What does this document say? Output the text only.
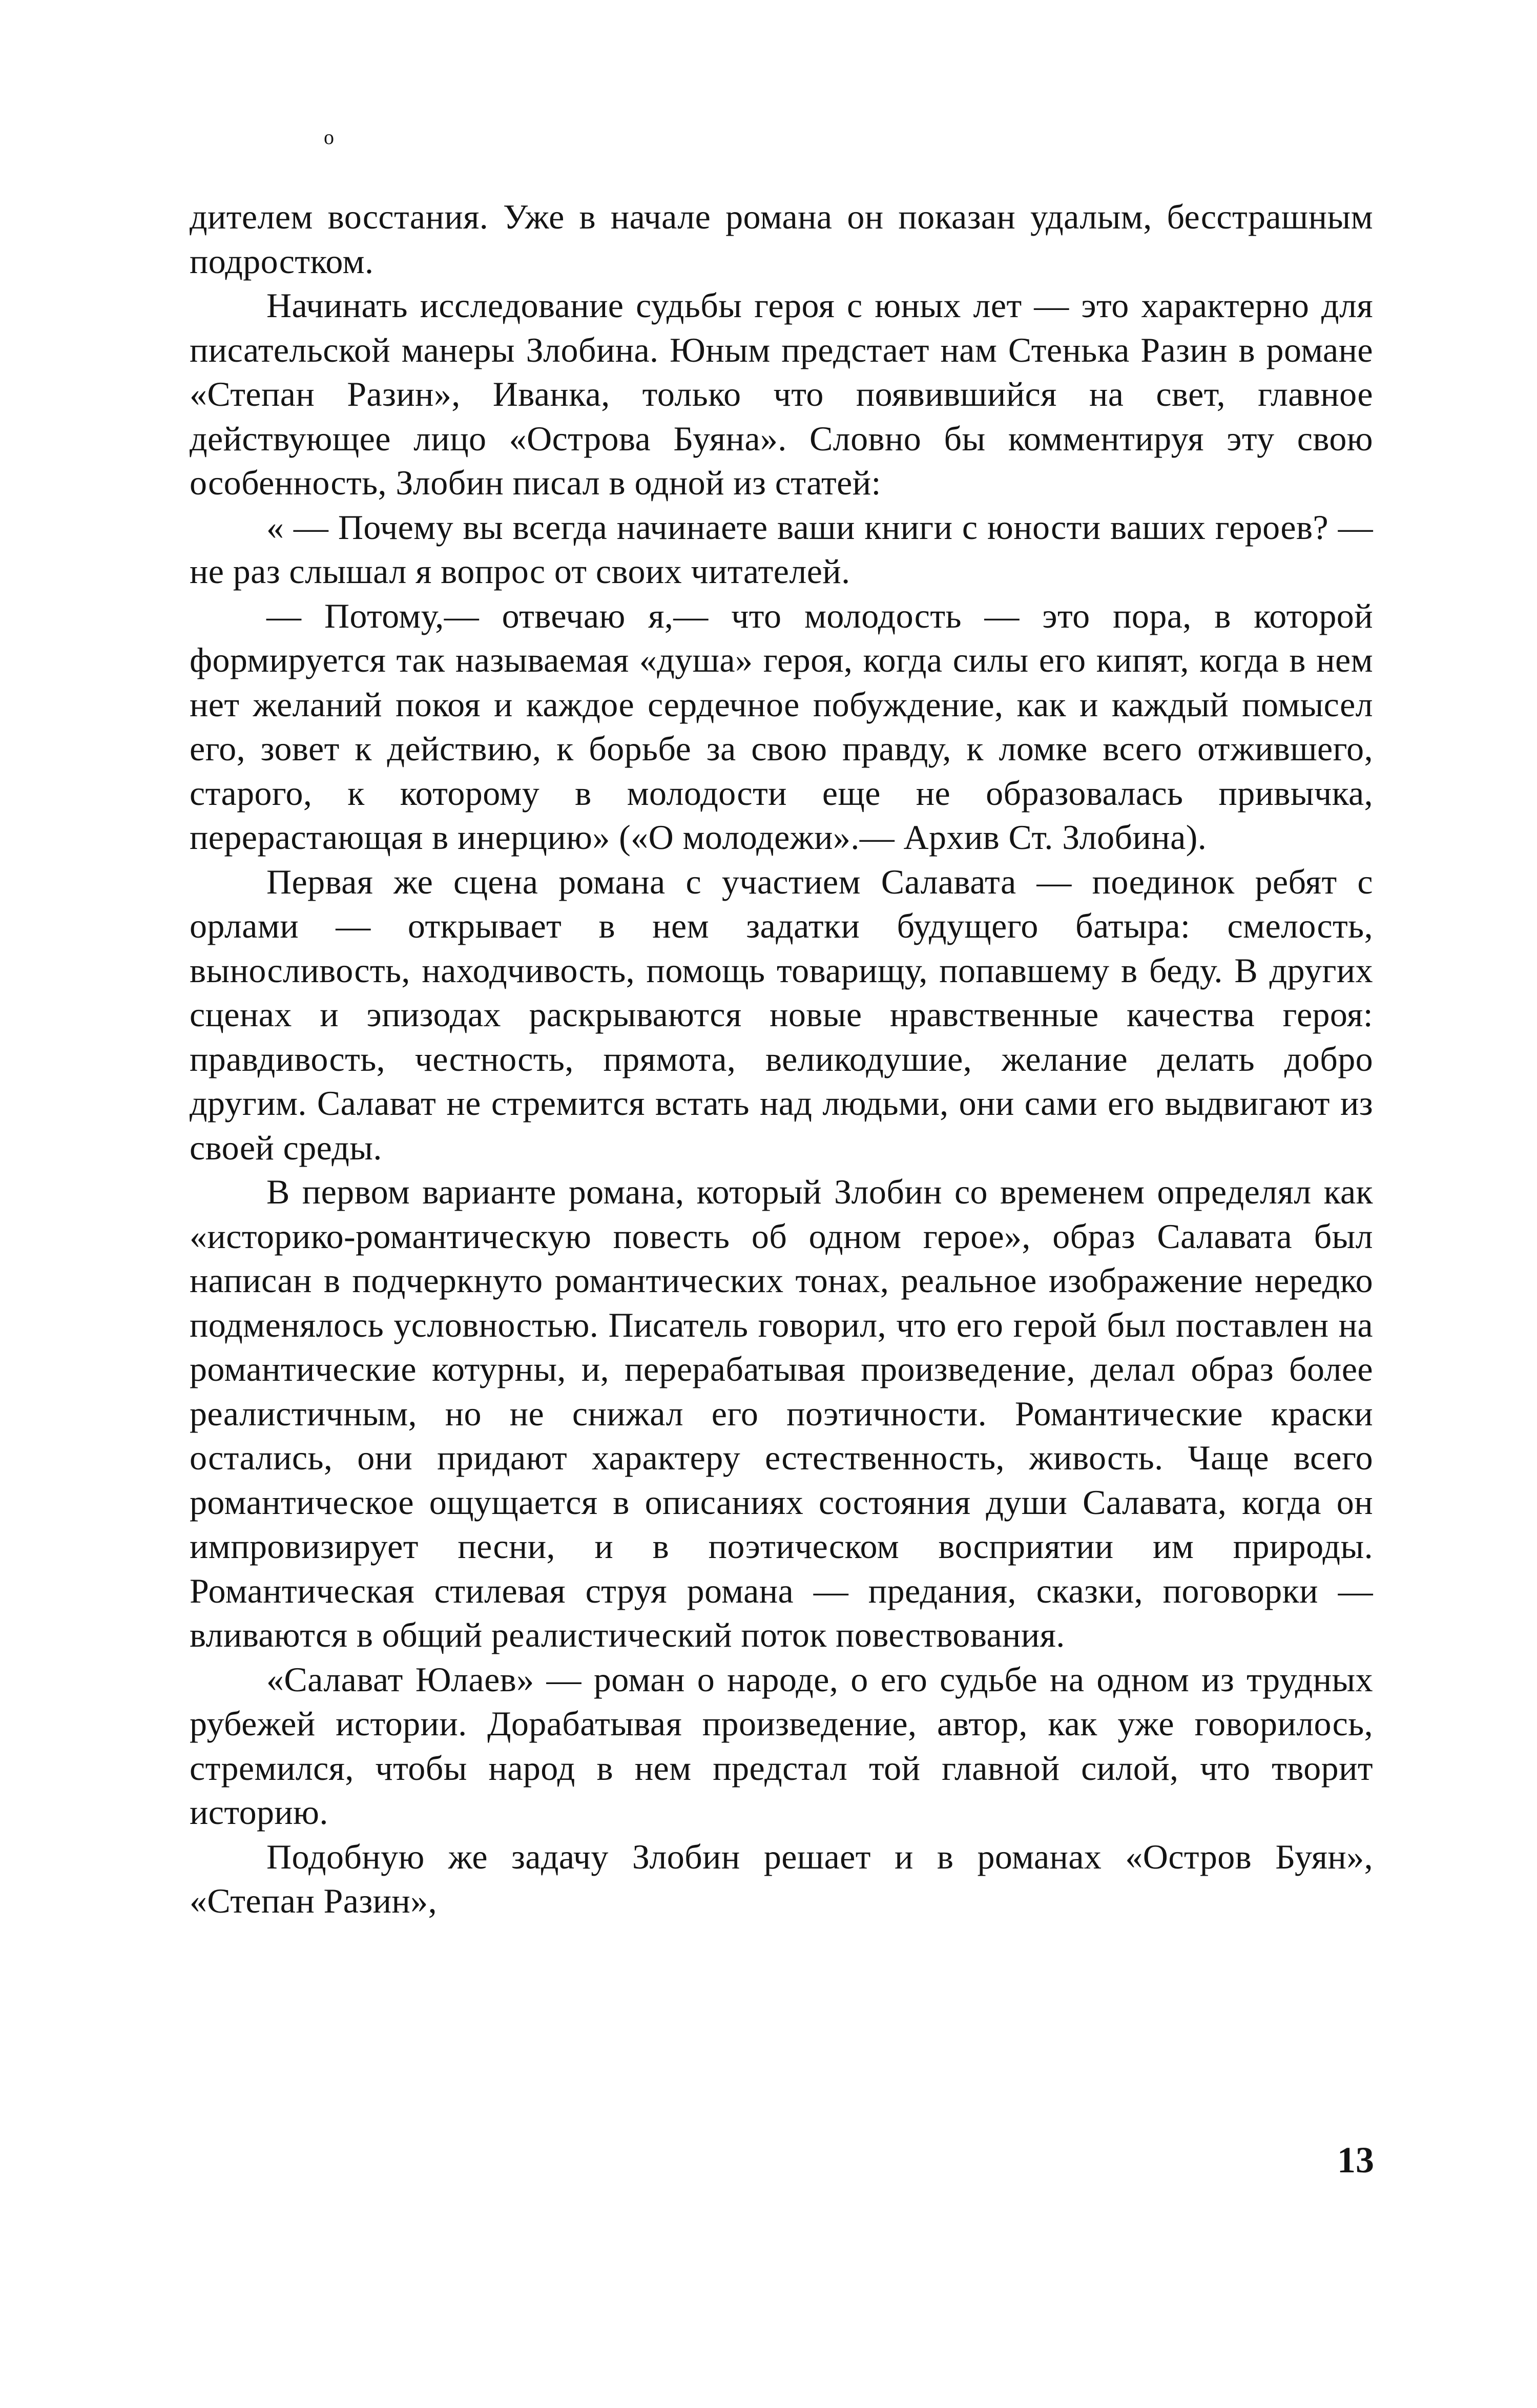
о

дителем восстания. Уже в начале романа он показан удалым, бесстрашным подростком.

Начинать исследование судьбы героя с юных лет — это характерно для писательской манеры Злобина. Юным предстает нам Стенька Разин в романе «Степан Разин», Иванка, только что появившийся на свет, главное действующее лицо «Острова Буяна». Словно бы комментируя эту свою особенность, Злобин писал в одной из статей:

« — Почему вы всегда начинаете ваши книги с юности ваших героев? — не раз слышал я вопрос от своих читателей.

— Потому,— отвечаю я,— что молодость — это пора, в которой формируется так называемая «душа» героя, когда силы его кипят, когда в нем нет желаний покоя и каждое сердечное побуждение, как и каждый помысел его, зовет к действию, к борьбе за свою правду, к ломке всего отжившего, старого, к которому в молодости еще не образовалась привычка, перерастающая в инерцию» («О молодежи».— Архив Ст. Злобина).

Первая же сцена романа с участием Салавата — поединок ребят с орлами — открывает в нем задатки будущего батыра: смелость, выносливость, находчивость, помощь товарищу, попавшему в беду. В других сценах и эпизодах раскрываются новые нравственные качества героя: правдивость, честность, прямота, великодушие, желание делать добро другим. Салават не стремится встать над людьми, они сами его выдвигают из своей среды.

В первом варианте романа, который Злобин со временем определял как «историко-романтическую повесть об одном герое», образ Салавата был написан в подчеркнуто романтических тонах, реальное изображение нередко подменялось условностью. Писатель говорил, что его герой был поставлен на романтические котурны, и, перерабатывая произведение, делал образ более реалистичным, но не снижал его поэтичности. Романтические краски остались, они придают характеру естественность, живость. Чаще всего романтическое ощущается в описаниях состояния души Салавата, когда он импровизирует песни, и в поэтическом восприятии им природы. Романтическая стилевая струя романа — предания, сказки, поговорки — вливаются в общий реалистический поток повествования.

«Салават Юлаев» — роман о народе, о его судьбе на одном из трудных рубежей истории. Дорабатывая произведение, автор, как уже говорилось, стремился, чтобы народ в нем предстал той главной силой, что творит историю.

Подобную же задачу Злобин решает и в романах «Остров Буян», «Степан Разин»,

13
